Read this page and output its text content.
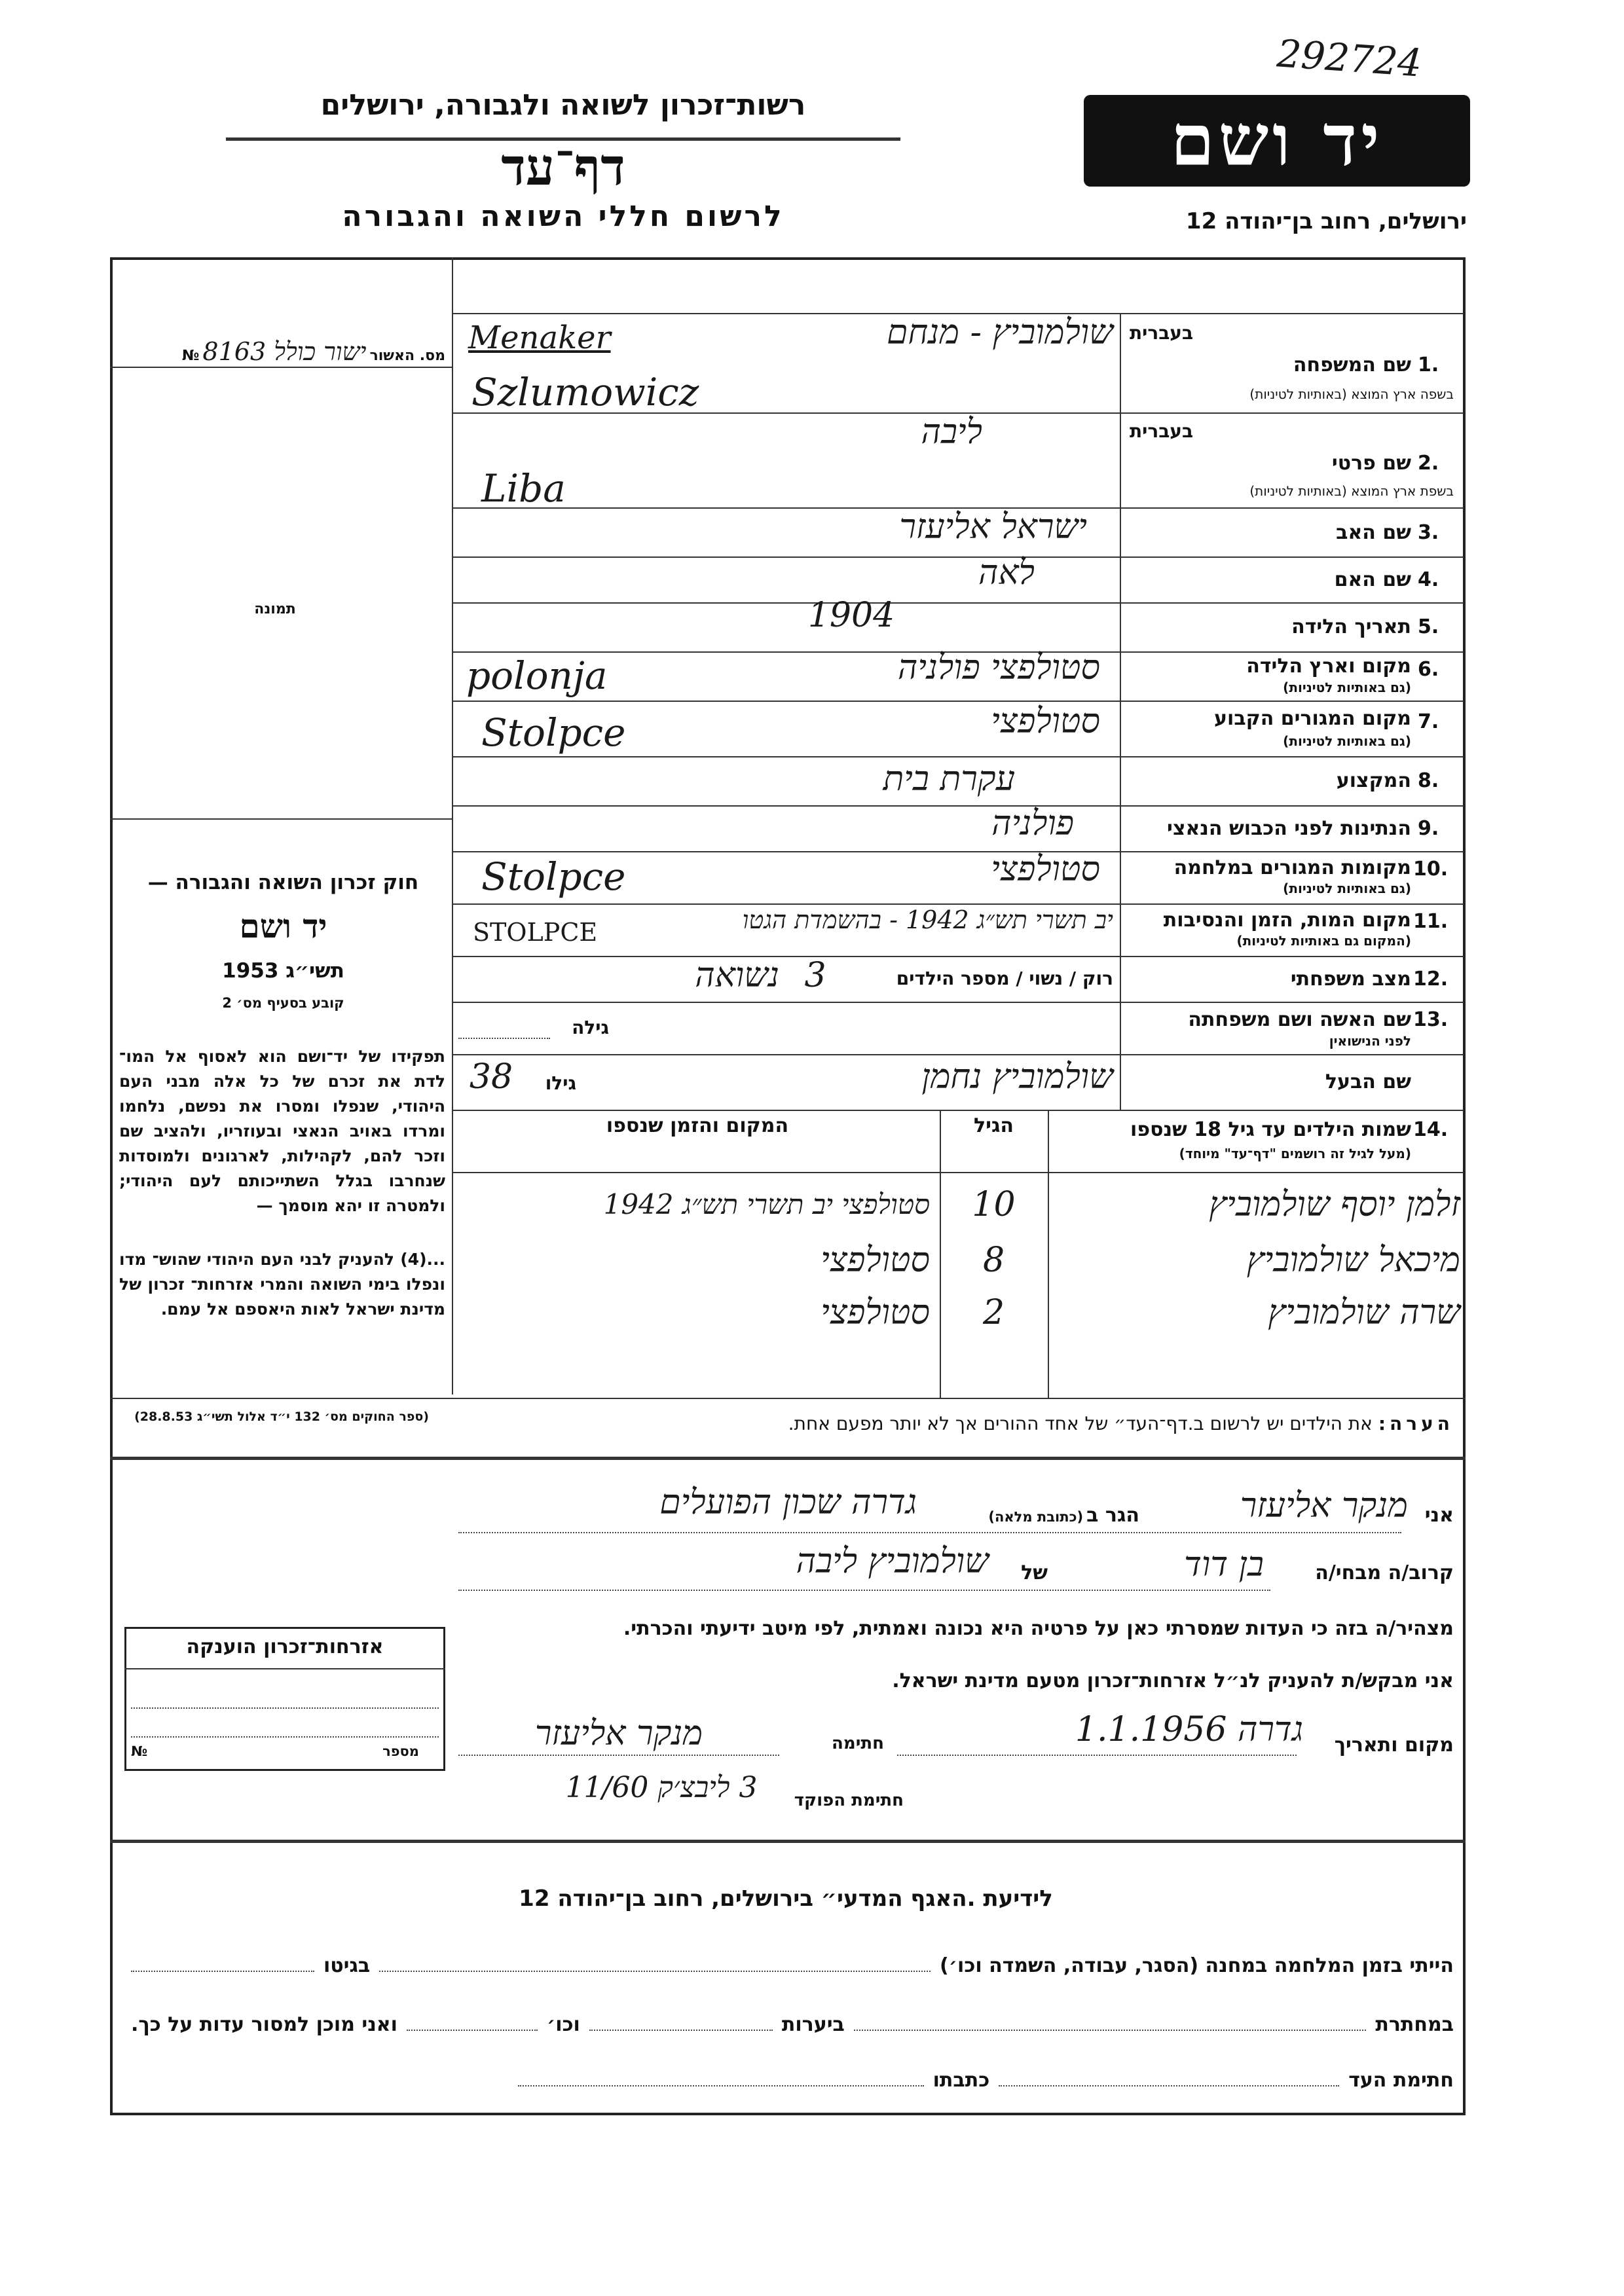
292724
יד ושם
ירושלים, רחוב בן־יהודה 12
רשות־זכרון לשואה ולגבורה, ירושלים
דף־עד
לרשום חללי השואה והגבורה
מס. האשור ישור כולל 8163 №
תמונה
חוק זכרון השואה והגבורה —
יד ושם
תשי״ג 1953
קובע בסעיף מס׳ 2
תפקידו של יד־ושם הוא לאסוף אל המו־ לדת את זכרם של כל אלה מבני העם היהודי, שנפלו ומסרו את נפשם, נלחמו ומרדו באויב הנאצי ובעוזריו, ולהציב שם וזכר להם, לקהילות, לארגונים ולמוסדות שנחרבו בגלל השתייכותם לעם היהודי; ולמטרה זו יהא מוסמך —
...(4) להעניק לבני העם היהודי שהוש־ מדו ונפלו בימי השואה והמרי אזרחות־ זכרון של מדינת ישראל לאות היאספם אל עמם.
(ספר החוקים מס׳ 132 י״ד אלול תשי״ג 28.8.53)
אזרחות־זכרון הוענקה
№	מספר
בעברית
שם המשפחה 1.
בשפה ארץ המוצא (באותיות לטיניות)
בעברית
שם פרטי 2.
בשפת ארץ המוצא (באותיות לטיניות)
שם האב 3.
שם האם 4.
תאריך הלידה 5.
מקום וארץ הלידה 6.
(גם באותיות לטיניות)
מקום המגורים הקבוע 7.
(גם באותיות לטיניות)
המקצוע 8.
הנתינות לפני הכבוש הנאצי 9.
מקומות המגורים במלחמה 10.
(גם באותיות לטיניות)
מקום המות, הזמן והנסיבות 11.
(המקום גם באותיות לטיניות)
מצב משפחתי 12.
שם האשה ושם משפחתה 13.
לפני הנישואין
שם הבעל
שולמוביץ - מנחם
Menaker
Szlumowicz
ליבה
Liba
ישראל אליעזר
לאה
1904
סטולפצי פולניה
polonja
סטולפצי
Stolpce
עקרת בית
פולניה
סטולפצי
Stolpce
יב תשרי תש״ג 1942 - בהשמדת הגטו
STOLPCE
רוק / נשוי / מספר הילדים
3
נשואה
גילה
שולמוביץ נחמן
גילו
38
שמות הילדים עד גיל 18 שנספו 14.
(מעל לגיל זה רושמים "דף־עד" מיוחד)
הגיל
המקום והזמן שנספו
זלמן יוסף שולמוביץ
10
סטולפצי יב תשרי תש״ג 1942
מיכאל שולמוביץ
8
סטולפצי
שרה שולמוביץ
2
סטולפצי
הערה: את הילדים יש לרשום ב.דף־העד״ של אחד ההורים אך לא יותר מפעם אחת.
אני
מנקר אליעזר
הגר ב (כתובת מלאה)
גדרה שכון הפועלים
קרוב/ה מבחי/ה
בן דוד
של
שולמוביץ ליבה
מצהיר/ה בזה כי העדות שמסרתי כאן על פרטיה היא נכונה ואמתית, לפי מיטב ידיעתי והכרתי.
אני מבקש/ת להעניק לנ״ל אזרחות־זכרון מטעם מדינת ישראל.
מקום ותאריך
גדרה 1.1.1956
חתימה
מנקר אליעזר
חתימת הפוקד
3 ליבצ׳ק 11/60
לידיעת .האגף המדעי״ בירושלים, רחוב בן־יהודה 12
הייתי בזמן המלחמה במחנה (הסגר, עבודה, השמדה וכו׳)
בגיטו
במחתרת
ביערות
וכו׳
ואני מוכן למסור עדות על כך.
חתימת העד
כתבתו
